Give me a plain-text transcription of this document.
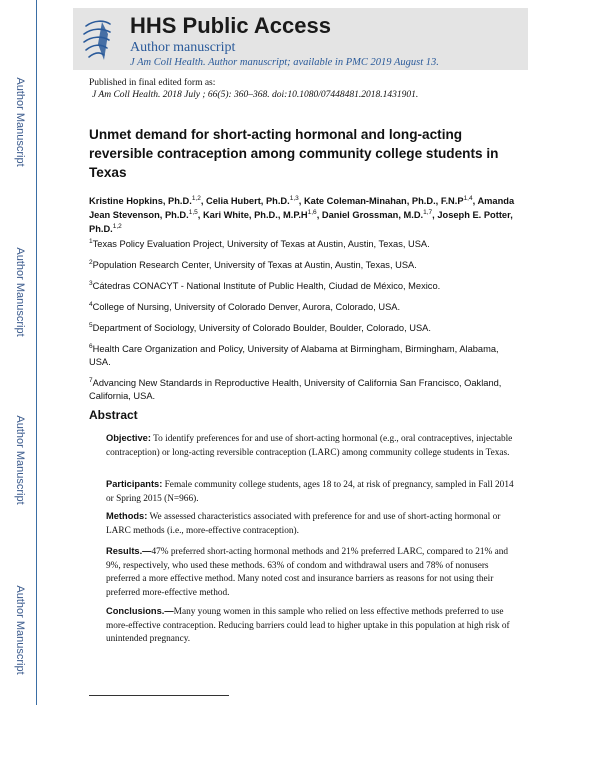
Author Manuscript
Author Manuscript
Author Manuscript
Author Manuscript
HHS Public Access
Author manuscript
J Am Coll Health. Author manuscript; available in PMC 2019 August 13.
Published in final edited form as:
J Am Coll Health. 2018 July ; 66(5): 360–368. doi:10.1080/07448481.2018.1431901.
Unmet demand for short-acting hormonal and long-acting reversible contraception among community college students in Texas
Kristine Hopkins, Ph.D.$^{1,2}$, Celia Hubert, Ph.D.$^{1,3}$, Kate Coleman-Minahan, Ph.D., $F.N.P^{1,4}$, Amanda Jean Stevenson, Ph.D.$^{1,5}$, Kari White, Ph.D., $M.P.H^{1,6}$, Daniel Grossman, M.D.$^{1,7}$, Joseph E. Potter, Ph.D.$^{1,2}$
$^1$Texas Policy Evaluation Project, University of Texas at Austin, Austin, Texas, USA.
$^2$Population Research Center, University of Texas at Austin, Austin, Texas, USA.
$^3$Cátedras CONACYT - National Institute of Public Health, Ciudad de México, Mexico.
$^4$College of Nursing, University of Colorado Denver, Aurora, Colorado, USA.
$^5$Department of Sociology, University of Colorado Boulder, Boulder, Colorado, USA.
$^6$Health Care Organization and Policy, University of Alabama at Birmingham, Birmingham, Alabama, USA.
$^7$Advancing New Standards in Reproductive Health, University of California San Francisco, Oakland, California, USA.
Abstract
Objective: To identify preferences for and use of short-acting hormonal (e.g., oral contraceptives, injectable contraception) or long-acting reversible contraception (LARC) among community college students in Texas.
Participants: Female community college students, ages 18 to 24, at risk of pregnancy, sampled in Fall 2014 or Spring 2015 (N=966).
Methods: We assessed characteristics associated with preference for and use of short-acting hormonal or LARC methods (i.e., more-effective contraception).
Results.—47% preferred short-acting hormonal methods and 21% preferred LARC, compared to 21% and 9%, respectively, who used these methods. 63% of condom and withdrawal users and 78% of nonusers preferred a more effective method. Many noted cost and insurance barriers as reasons for not using their preferred more-effective method.
Conclusions.—Many young women in this sample who relied on less effective methods preferred to use more-effective contraception. Reducing barriers could lead to higher uptake in this population at high risk of unintended pregnancy.
